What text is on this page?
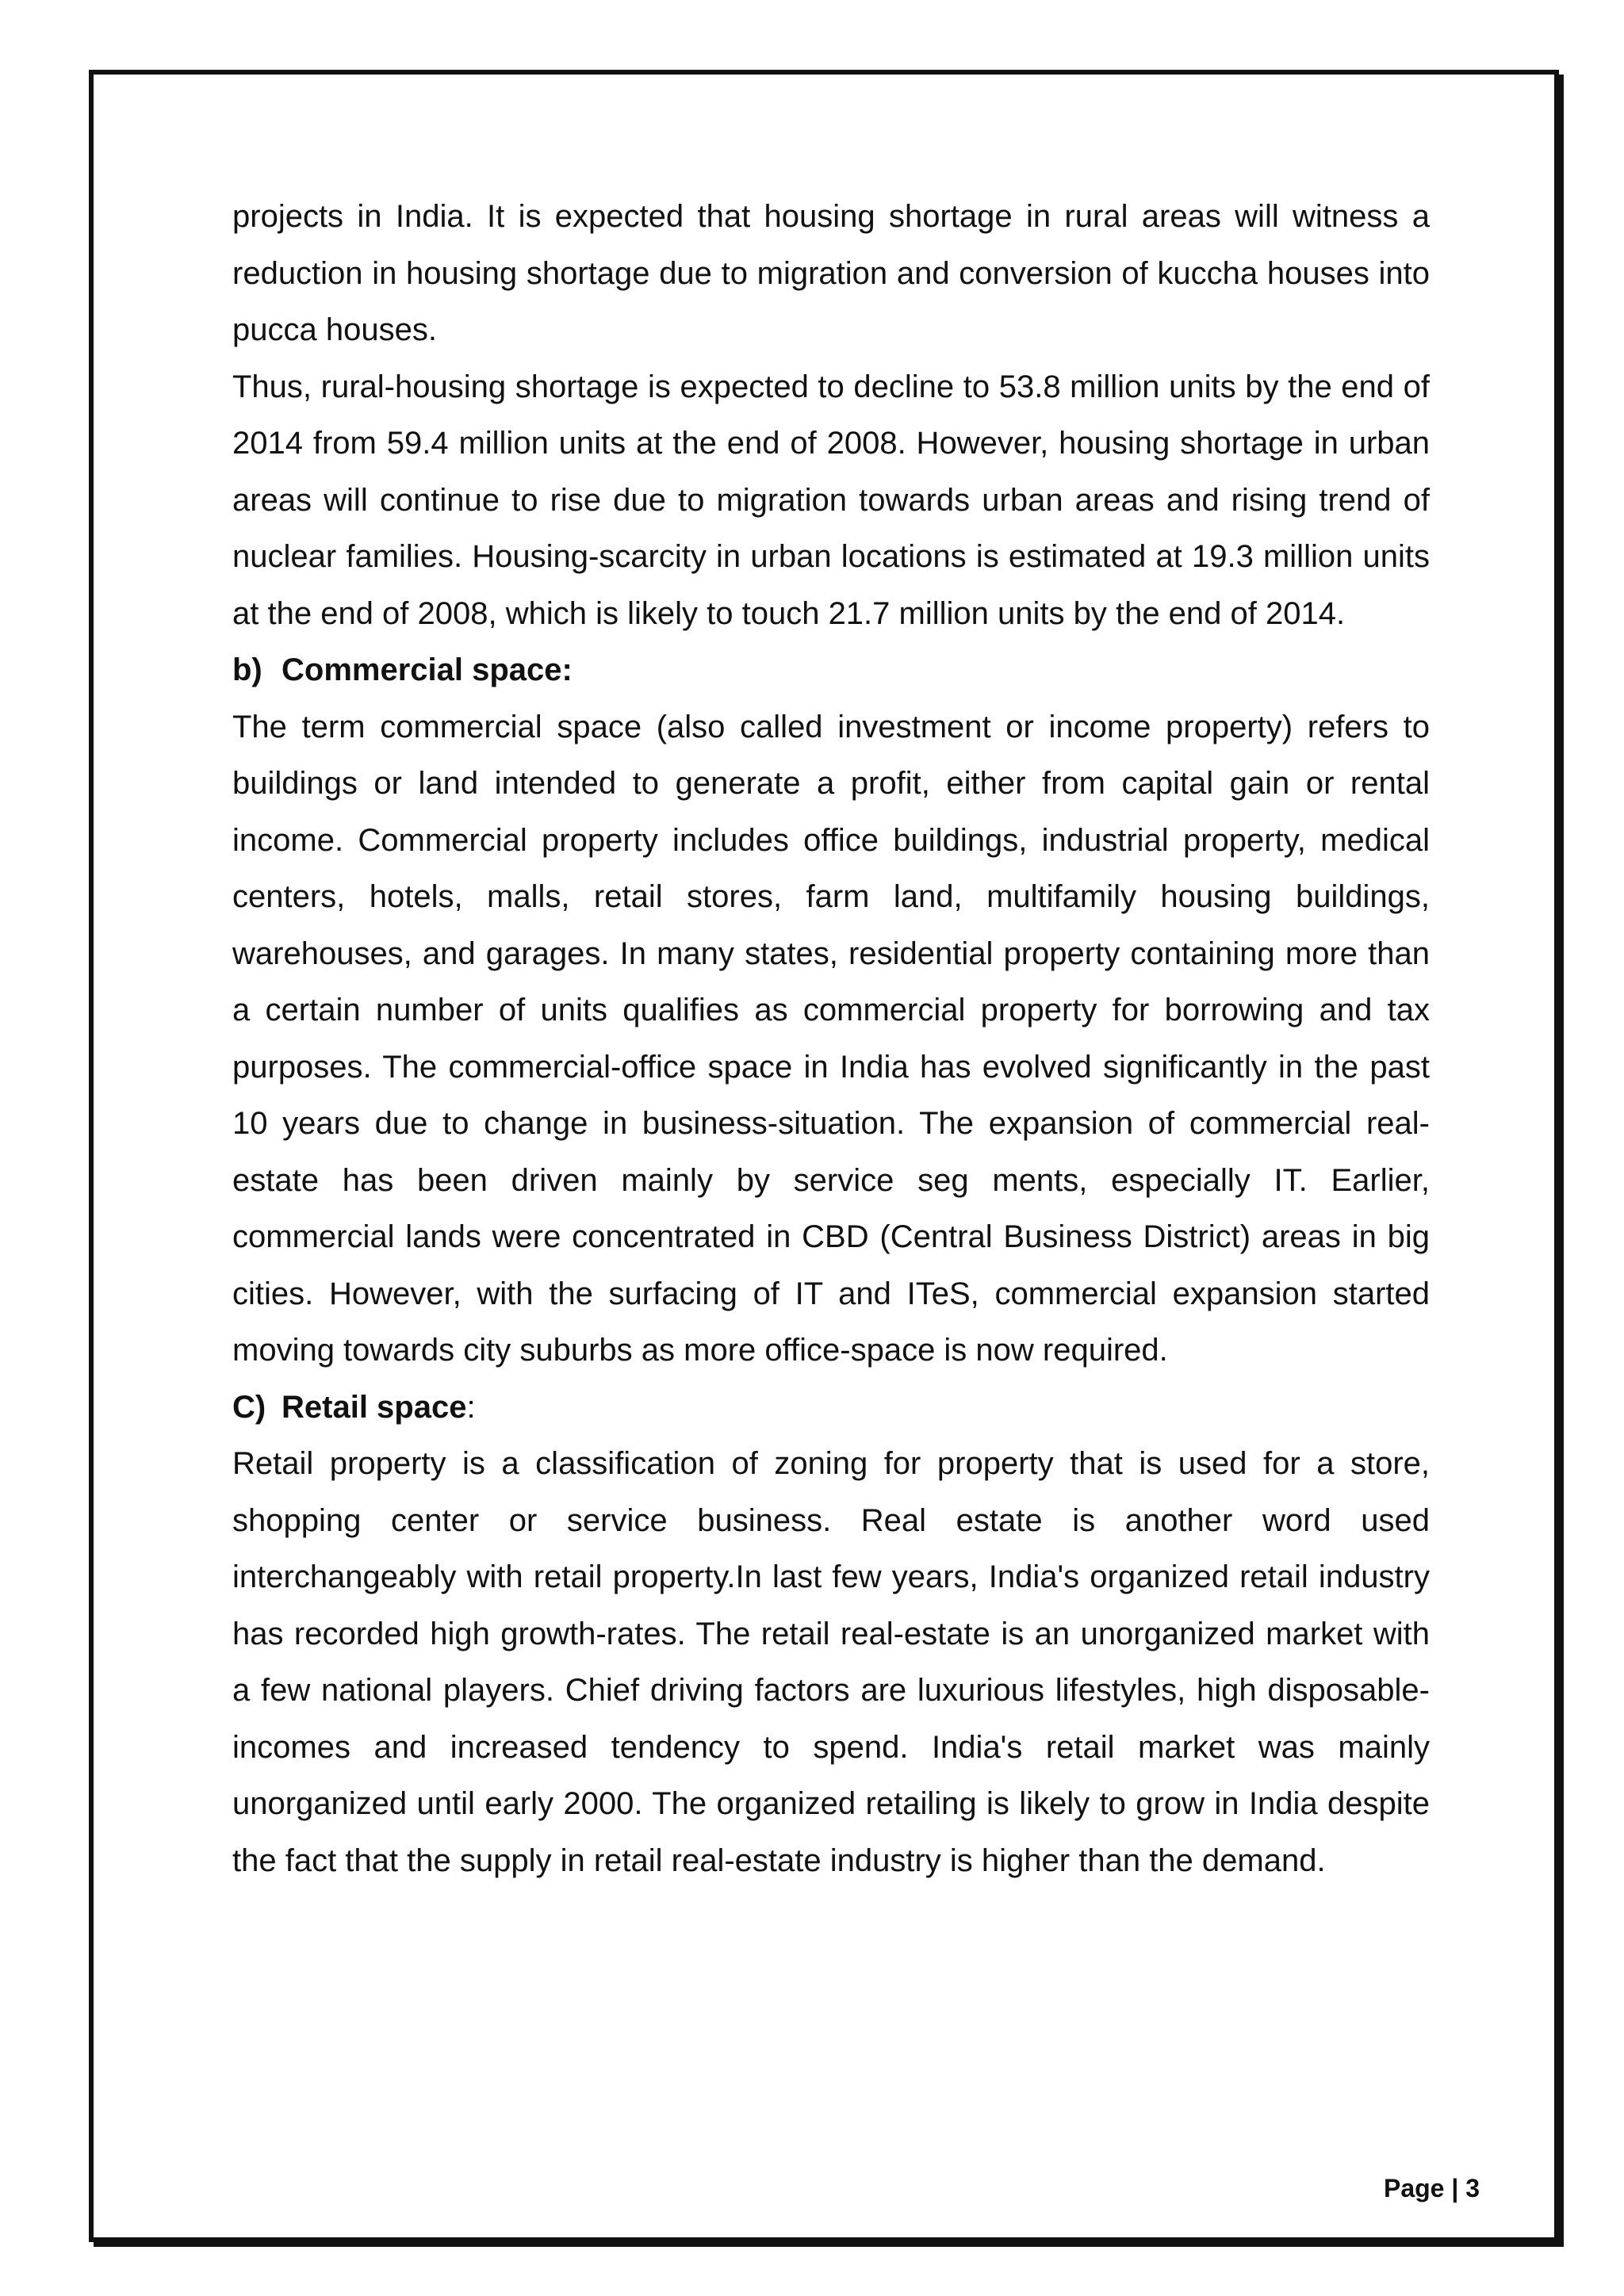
projects in India. It is expected that housing shortage in rural areas will witness a reduction in housing shortage due to migration and conversion of kuccha houses into pucca houses.

Thus, rural-housing shortage is expected to decline to 53.8 million units by the end of 2014 from 59.4 million units at the end of 2008. However, housing shortage in urban areas will continue to rise due to migration towards urban areas and rising trend of nuclear families. Housing-scarcity in urban locations is estimated at 19.3 million units at the end of 2008, which is likely to touch 21.7 million units by the end of 2014.

b) Commercial space:

The term commercial space (also called investment or income property) refers to buildings or land intended to generate a profit, either from capital gain or rental income. Commercial property includes office buildings, industrial property, medical centers, hotels, malls, retail stores, farm land, multifamily housing buildings, warehouses, and garages. In many states, residential property containing more than a certain number of units qualifies as commercial property for borrowing and tax purposes. The commercial-office space in India has evolved significantly in the past 10 years due to change in business-situation. The expansion of commercial real-estate has been driven mainly by service seg ments, especially IT. Earlier, commercial lands were concentrated in CBD (Central Business District) areas in big cities. However, with the surfacing of IT and ITeS, commercial expansion started moving towards city suburbs as more office-space is now required.

C) Retail space:

Retail property is a classification of zoning for property that is used for a store, shopping center or service business. Real estate is another word used interchangeably with retail property.In last few years, India's organized retail industry has recorded high growth-rates. The retail real-estate is an unorganized market with a few national players. Chief driving factors are luxurious lifestyles, high disposable-incomes and increased tendency to spend. India's retail market was mainly unorganized until early 2000. The organized retailing is likely to grow in India despite the fact that the supply in retail real-estate industry is higher than the demand.

Page | 3
